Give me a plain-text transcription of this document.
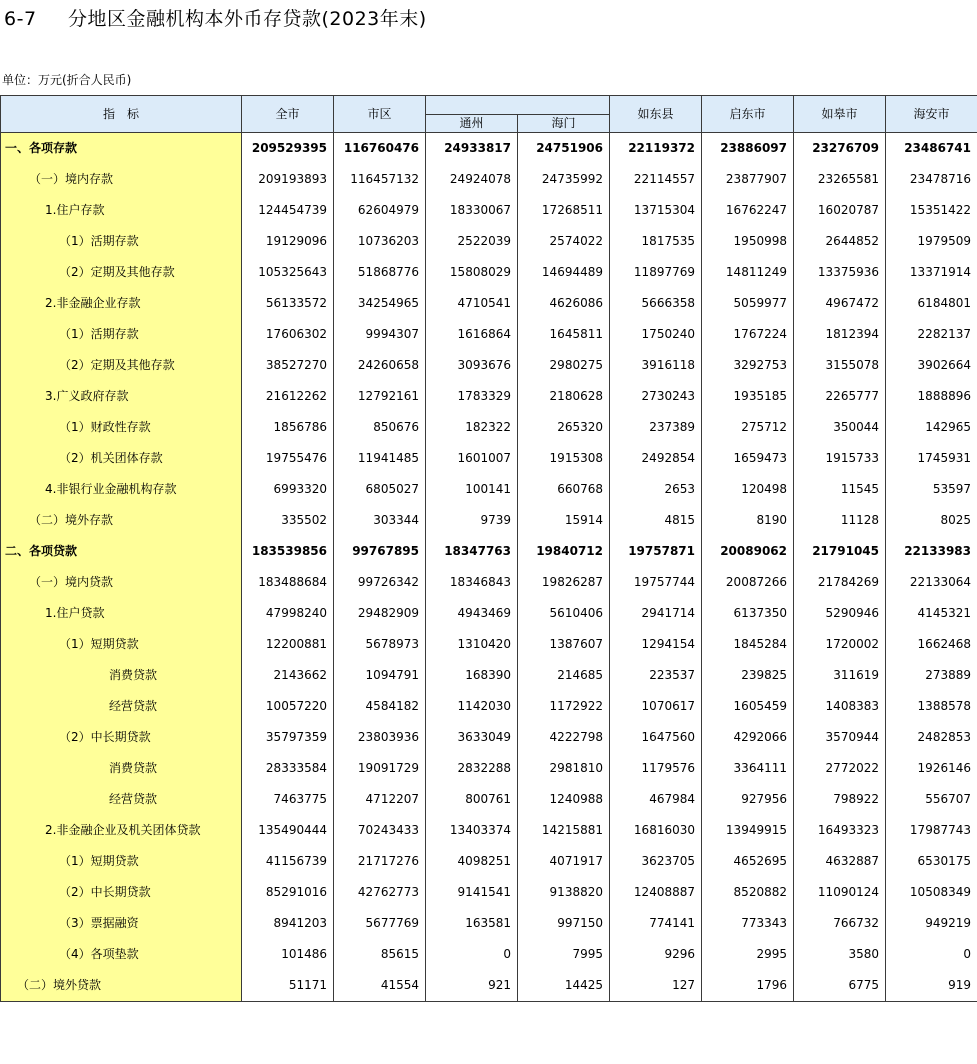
6-7 分地区金融机构本外币存贷款(2023年末)
单位：万元(折合人民币)
指　标	全市	市区			如东县	启东市	如皋市	海安市
			通州	海门				
一、各项存款	209529395	116760476	24933817	24751906	22119372	23886097	23276709	23486741
（一）境内存款	209193893	116457132	24924078	24735992	22114557	23877907	23265581	23478716
1.住户存款	124454739	62604979	18330067	17268511	13715304	16762247	16020787	15351422
（1）活期存款	19129096	10736203	2522039	2574022	1817535	1950998	2644852	1979509
（2）定期及其他存款	105325643	51868776	15808029	14694489	11897769	14811249	13375936	13371914
2.非金融企业存款	56133572	34254965	4710541	4626086	5666358	5059977	4967472	6184801
（1）活期存款	17606302	9994307	1616864	1645811	1750240	1767224	1812394	2282137
（2）定期及其他存款	38527270	24260658	3093676	2980275	3916118	3292753	3155078	3902664
3.广义政府存款	21612262	12792161	1783329	2180628	2730243	1935185	2265777	1888896
（1）财政性存款	1856786	850676	182322	265320	237389	275712	350044	142965
（2）机关团体存款	19755476	11941485	1601007	1915308	2492854	1659473	1915733	1745931
4.非银行业金融机构存款	6993320	6805027	100141	660768	2653	120498	11545	53597
（二）境外存款	335502	303344	9739	15914	4815	8190	11128	8025
二、各项贷款	183539856	99767895	18347763	19840712	19757871	20089062	21791045	22133983
（一）境内贷款	183488684	99726342	18346843	19826287	19757744	20087266	21784269	22133064
1.住户贷款	47998240	29482909	4943469	5610406	2941714	6137350	5290946	4145321
（1）短期贷款	12200881	5678973	1310420	1387607	1294154	1845284	1720002	1662468
消费贷款	2143662	1094791	168390	214685	223537	239825	311619	273889
经营贷款	10057220	4584182	1142030	1172922	1070617	1605459	1408383	1388578
（2）中长期贷款	35797359	23803936	3633049	4222798	1647560	4292066	3570944	2482853
消费贷款	28333584	19091729	2832288	2981810	1179576	3364111	2772022	1926146
经营贷款	7463775	4712207	800761	1240988	467984	927956	798922	556707
2.非金融企业及机关团体贷款	135490444	70243433	13403374	14215881	16816030	13949915	16493323	17987743
（1）短期贷款	41156739	21717276	4098251	4071917	3623705	4652695	4632887	6530175
（2）中长期贷款	85291016	42762773	9141541	9138820	12408887	8520882	11090124	10508349
（3）票据融资	8941203	5677769	163581	997150	774141	773343	766732	949219
（4）各项垫款	101486	85615	0	7995	9296	2995	3580	0
（二）境外贷款	51171	41554	921	14425	127	1796	6775	919
